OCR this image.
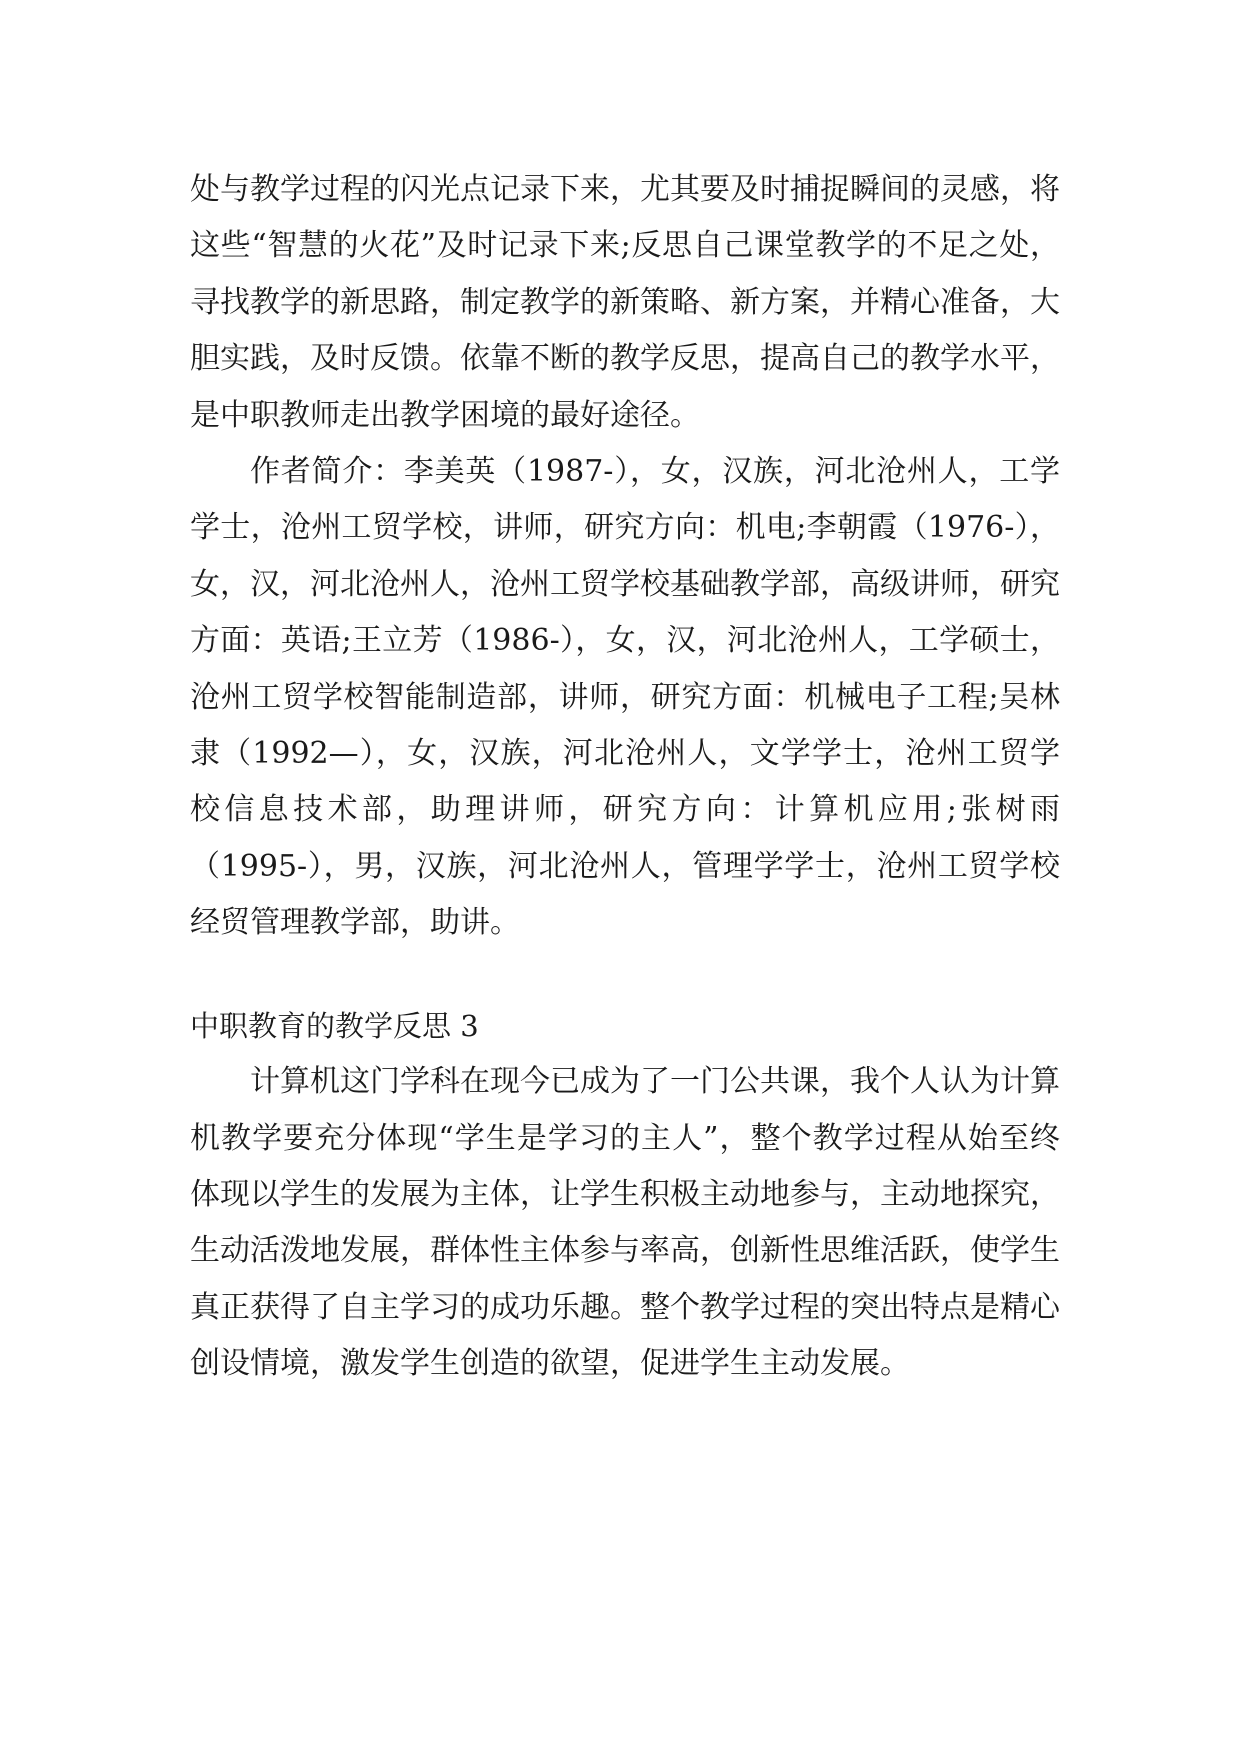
处与教学过程的闪光点记录下来，尤其要及时捕捉瞬间的灵感，将这些“智慧的火花”及时记录下来;反思自己课堂教学的不足之处，寻找教学的新思路，制定教学的新策略、新方案，并精心准备，大胆实践，及时反馈。依靠不断的教学反思，提高自己的教学水平，是中职教师走出教学困境的最好途径。

作者简介：李美英（1987-），女，汉族，河北沧州人，工学学士，沧州工贸学校，讲师，研究方向：机电;李朝霞（1976-），女，汉，河北沧州人，沧州工贸学校基础教学部，高级讲师，研究方面：英语;王立芳（1986-），女，汉，河北沧州人，工学硕士，沧州工贸学校智能制造部，讲师，研究方面：机械电子工程;吴林隶（1992—），女，汉族，河北沧州人，文学学士，沧州工贸学校信息技术部，助理讲师，研究方向：计算机应用;张树雨（1995-），男，汉族，河北沧州人，管理学学士，沧州工贸学校经贸管理教学部，助讲。

中职教育的教学反思 3

计算机这门学科在现今已成为了一门公共课，我个人认为计算机教学要充分体现“学生是学习的主人”，整个教学过程从始至终体现以学生的发展为主体，让学生积极主动地参与，主动地探究，生动活泼地发展，群体性主体参与率高，创新性思维活跃，使学生真正获得了自主学习的成功乐趣。整个教学过程的突出特点是精心创设情境，激发学生创造的欲望，促进学生主动发展。
